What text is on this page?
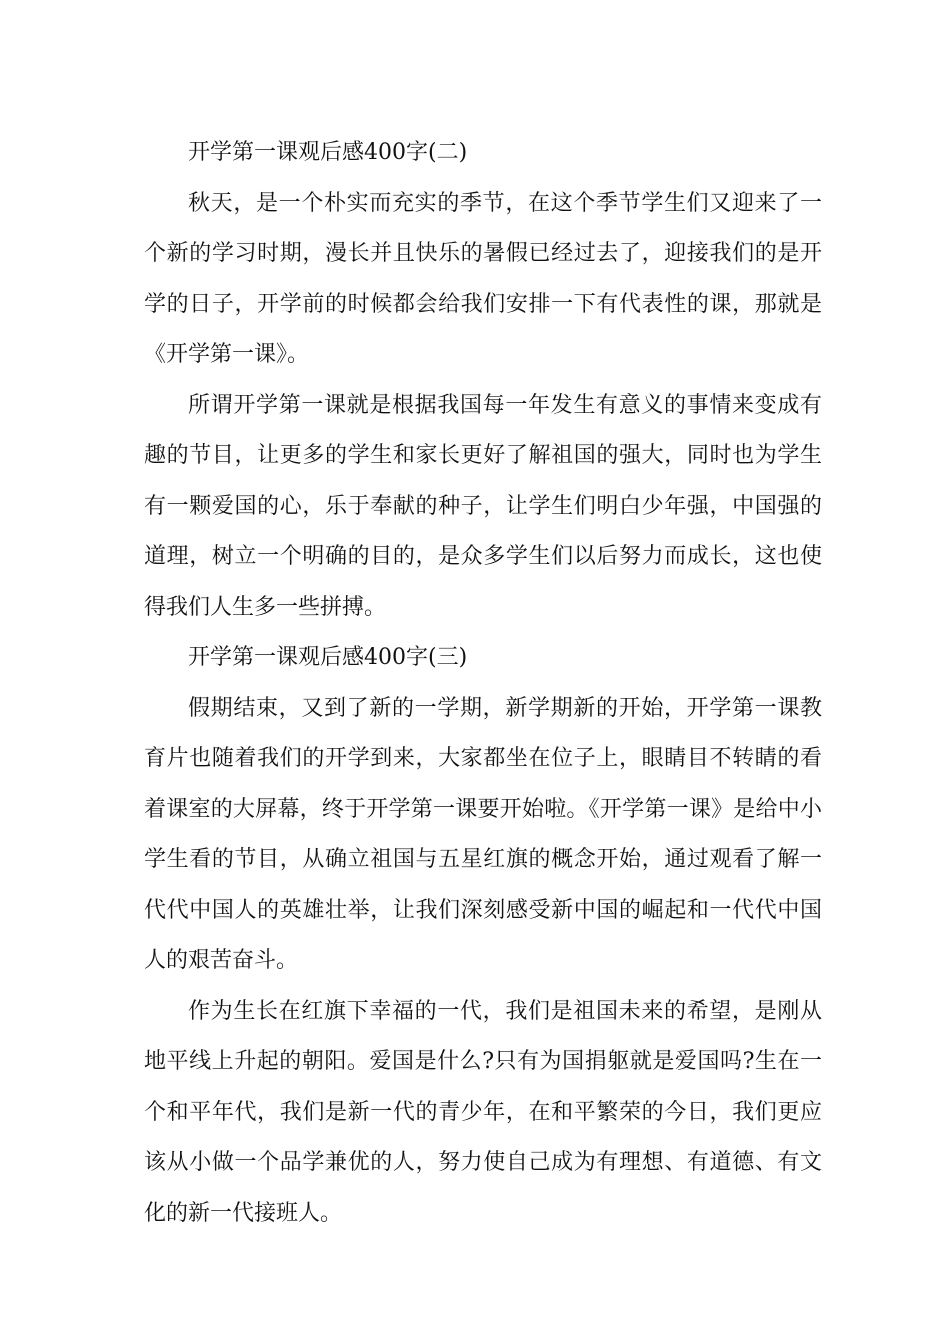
开学第一课观后感400字(二)

秋天，是一个朴实而充实的季节，在这个季节学生们又迎来了一个新的学习时期，漫长并且快乐的暑假已经过去了，迎接我们的是开学的日子，开学前的时候都会给我们安排一下有代表性的课，那就是《开学第一课》。

所谓开学第一课就是根据我国每一年发生有意义的事情来变成有趣的节目，让更多的学生和家长更好了解祖国的强大，同时也为学生有一颗爱国的心，乐于奉献的种子，让学生们明白少年强，中国强的道理，树立一个明确的目的，是众多学生们以后努力而成长，这也使得我们人生多一些拼搏。

开学第一课观后感400字(三)

假期结束，又到了新的一学期，新学期新的开始，开学第一课教育片也随着我们的开学到来，大家都坐在位子上，眼睛目不转睛的看着课室的大屏幕，终于开学第一课要开始啦。《开学第一课》是给中小学生看的节目，从确立祖国与五星红旗的概念开始，通过观看了解一代代中国人的英雄壮举，让我们深刻感受新中国的崛起和一代代中国人的艰苦奋斗。

作为生长在红旗下幸福的一代，我们是祖国未来的希望，是刚从地平线上升起的朝阳。爱国是什么?只有为国捐躯就是爱国吗?生在一个和平年代，我们是新一代的青少年，在和平繁荣的今日，我们更应该从小做一个品学兼优的人，努力使自己成为有理想、有道德、有文化的新一代接班人。
